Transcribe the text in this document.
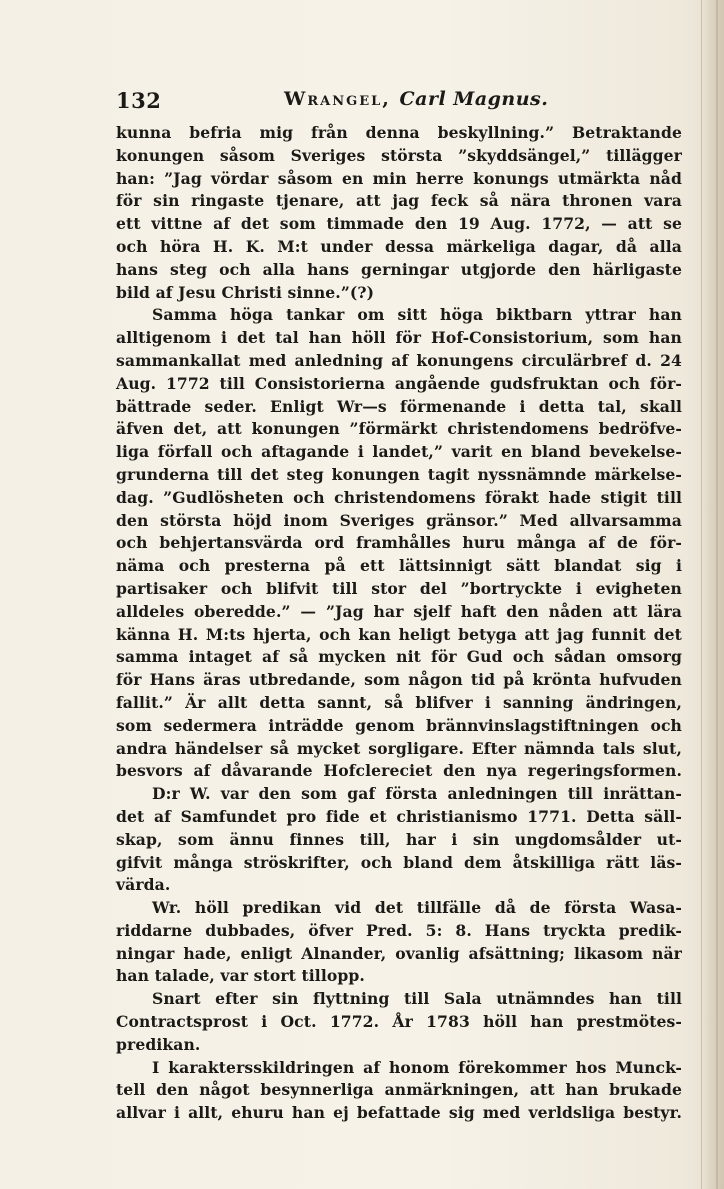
132	Wrangel, Carl Magnus.
kunna befria mig från denna beskyllning.” Betraktande
konungen såsom Sveriges största ”skyddsängel,” tillägger
han: ”Jag vördar såsom en min herre konungs utmärkta nåd
för sin ringaste tjenare, att jag feck så nära thronen vara
ett vittne af det som timmade den 19 Aug. 1772, — att se
och höra H. K. M:t under dessa märkeliga dagar, då alla
hans steg och alla hans gerningar utgjorde den härligaste
bild af Jesu Christi sinne.”(?)
Samma höga tankar om sitt höga biktbarn yttrar han
alltigenom i det tal han höll för Hof-Consistorium, som han
sammankallat med anledning af konungens circulärbref d. 24
Aug. 1772 till Consistorierna angående gudsfruktan och för-
bättrade seder. Enligt Wr—s förmenande i detta tal, skall
äfven det, att konungen ”förmärkt christendomens bedröfve-
liga förfall och aftagande i landet,” varit en bland bevekelse-
grunderna till det steg konungen tagit nyssnämnde märkelse-
dag. ”Gudlösheten och christendomens förakt hade stigit till
den största höjd inom Sveriges gränsor.” Med allvarsamma
och behjertansvärda ord framhålles huru många af de för-
näma och presterna på ett lättsinnigt sätt blandat sig i
partisaker och blifvit till stor del ”bortryckte i evigheten
alldeles oberedde.” — ”Jag har sjelf haft den nåden att lära
känna H. M:ts hjerta, och kan heligt betyga att jag funnit det
samma intaget af så mycken nit för Gud och sådan omsorg
för Hans äras utbredande, som någon tid på krönta hufvuden
fallit.” Är allt detta sannt, så blifver i sanning ändringen,
som sedermera inträdde genom brännvinslagstiftningen och
andra händelser så mycket sorgligare. Efter nämnda tals slut,
besvors af dåvarande Hofclereciet den nya regeringsformen.
D:r W. var den som gaf första anledningen till inrättan-
det af Samfundet pro fide et christianismo 1771. Detta säll-
skap, som ännu finnes till, har i sin ungdomsålder ut-
gifvit många ströskrifter, och bland dem åtskilliga rätt läs-
värda.
Wr. höll predikan vid det tillfälle då de första Wasa-
riddarne dubbades, öfver Pred. 5: 8. Hans tryckta predik-
ningar hade, enligt Alnander, ovanlig afsättning; likasom när
han talade, var stort tillopp.
Snart efter sin flyttning till Sala utnämndes han till
Contractsprost i Oct. 1772. År 1783 höll han prestmötes-
predikan.
I karaktersskildringen af honom förekommer hos Munck-
tell den något besynnerliga anmärkningen, att han brukade
allvar i allt, ehuru han ej befattade sig med verldsliga bestyr.
